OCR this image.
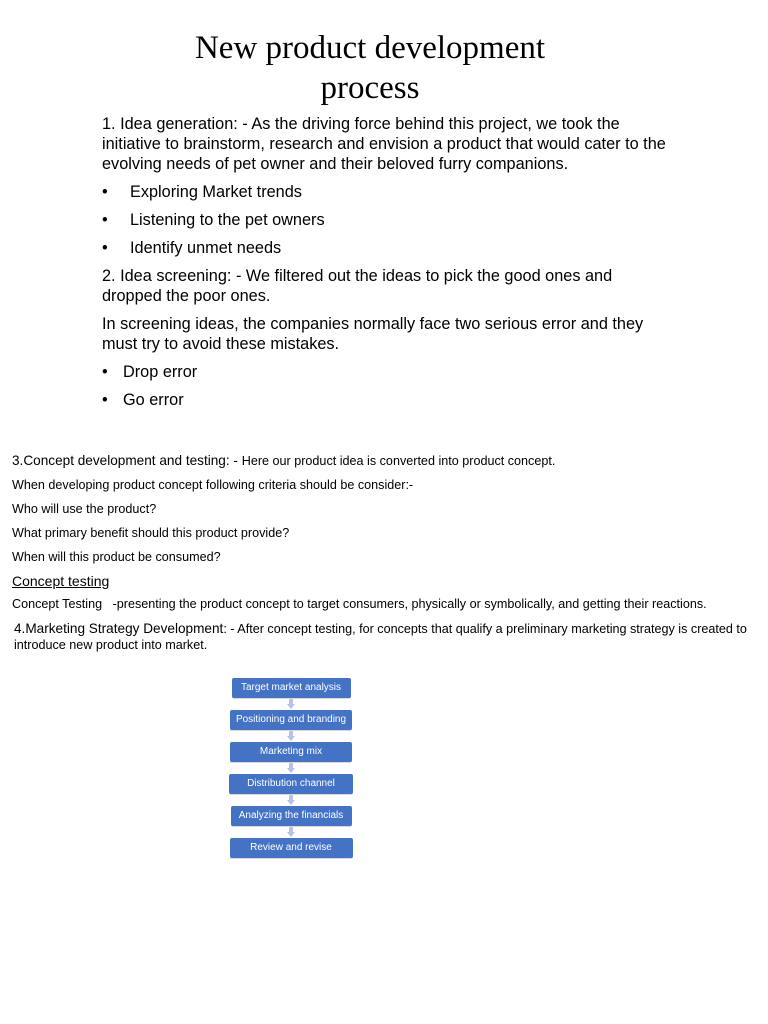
New product development
process

1. Idea generation: - As the driving force behind this project, we took the initiative to brainstorm, research and envision a product that would cater to the evolving needs of pet owner and their beloved furry companions.

• Exploring Market trends
• Listening to the pet owners
• Identify unmet needs

2. Idea screening: - We filtered out the ideas to pick the good ones and dropped the poor ones.

In screening ideas, the companies normally face two serious error and they must try to avoid these mistakes.

• Drop error
• Go error

3.Concept development and testing: - Here our product idea is converted into product concept.

When developing product concept following criteria should be consider:-

Who will use the product?

What primary benefit should this product provide?

When will this product be consumed?

Concept testing

Concept Testing   -presenting the product concept to target consumers, physically or symbolically, and getting their reactions.

4.Marketing Strategy Development: - After concept testing, for concepts that qualify a preliminary marketing strategy is created to introduce new product into market.

Target market analysis
Positioning and branding
Marketing mix
Distribution channel
Analyzing the financials
Review and revise
